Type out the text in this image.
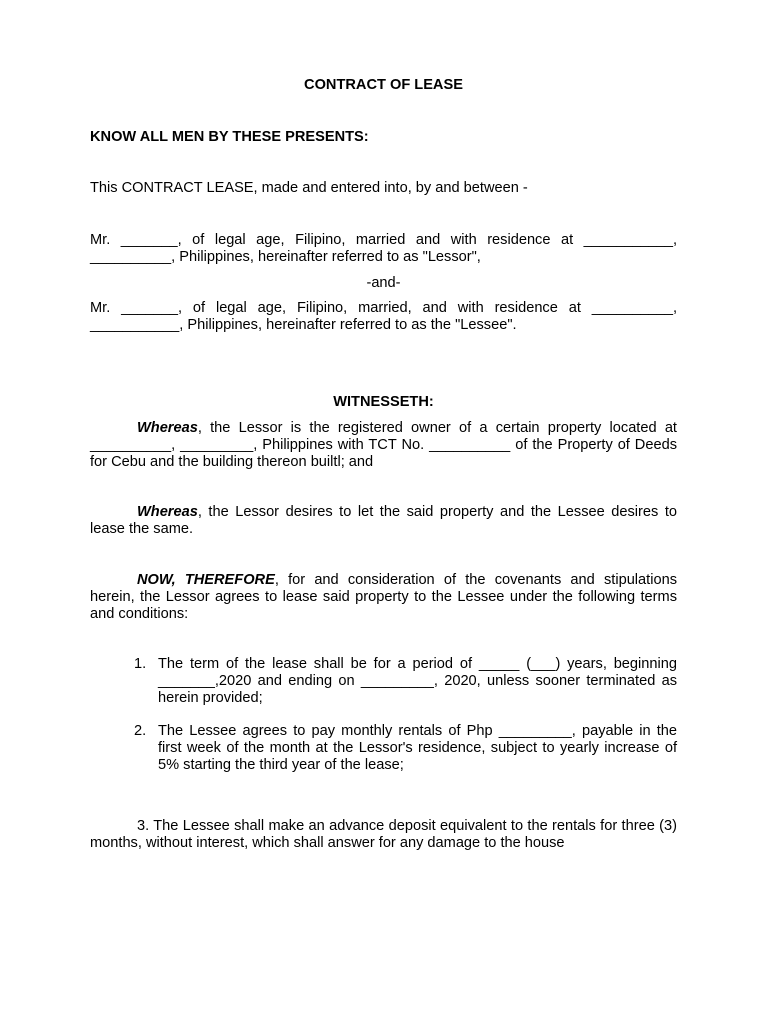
CONTRACT OF LEASE
KNOW ALL MEN BY THESE PRESENTS:
This CONTRACT LEASE, made and entered into, by and between -
Mr. _______, of legal age, Filipino, married and with residence at ___________, __________, Philippines, hereinafter referred to as "Lessor",
-and-
Mr. _______, of legal age, Filipino, married, and with residence at __________, ___________, Philippines, hereinafter referred to as the "Lessee".
WITNESSETH:
Whereas, the Lessor is the registered owner of a certain property located at __________, _________, Philippines with TCT No. __________ of the Property of Deeds for Cebu and the building thereon builtl; and
Whereas, the Lessor desires to let the said property and the Lessee desires to lease the same.
NOW, THEREFORE, for and consideration of the covenants and stipulations herein, the Lessor agrees to lease said property to the Lessee under the following terms and conditions:
1. The term of the lease shall be for a period of _____ (___) years, beginning _______,2020 and ending on _________, 2020, unless sooner terminated as herein provided;
2. The Lessee agrees to pay monthly rentals of Php _________, payable in the first week of the month at the Lessor's residence, subject to yearly increase of 5% starting the third year of the lease;
3. The Lessee shall make an advance deposit equivalent to the rentals for three (3) months, without interest, which shall answer for any damage to the house
